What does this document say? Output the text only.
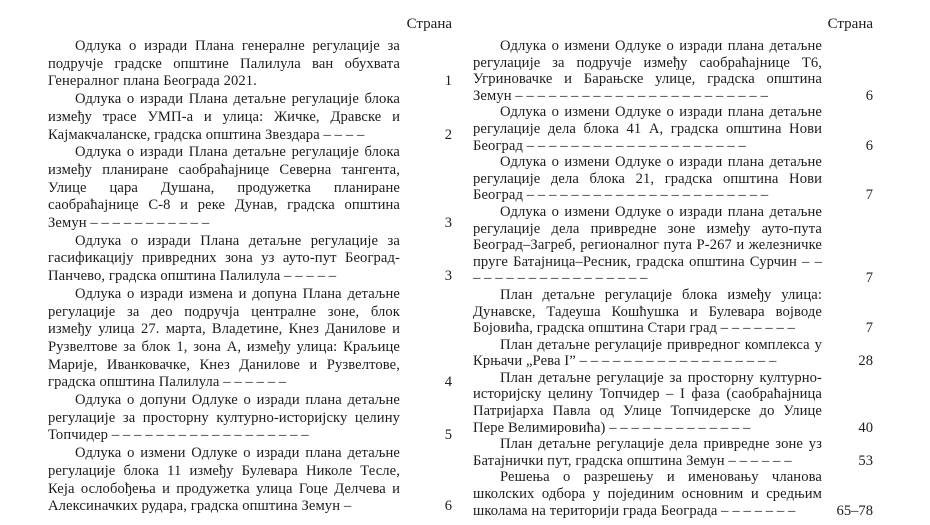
Страна
Одлука о изради Плана генералне регулације за подручје градске општине Палилула ван обухвата Генералног плана Београда 2021.	1
Одлука о изради Плана детаљне регулације блока између трасе УМП-а и улица: Жичке, Дравске и Кајмакчаланске, градска општина Звездара – – – –	2
Одлука о изради Плана детаљне регулације блока између планиране саобраћајнице Северна тангента, Улице цара Душана, продужетка планиране саобраћајнице С-8 и реке Дунав, градска општина Земун – – – – – – – – – – –	3
Одлука о изради Плана детаљне регулације за гасификацију привредних зона уз ауто-пут Београд-Панчево, градска општина Палилула – – – – –	3
Одлука о изради измена и допуна Плана детаљне регулације за део подручја централне зоне, блок између улица 27. марта, Владетине, Кнез Данилове и Рузвелтове за блок 1, зона А, између улица: Краљице Марије, Иванковачке, Кнез Данилове и Рузвелтове, градска општина Палилула – – – – – –	4
Одлука о допуни Одлуке о изради плана детаљне регулације за просторну културно-историјску целину Топчидер – – – – – – – – – – – – – – – – – –	5
Одлука о измени Одлуке о изради плана детаљне регулације блока 11 између Булевара Николе Тесле, Кеја ослобођења и продужетка улица Гоце Делчева и Алексиначких рудара, градска општина Земун –	6
Страна
Одлука о измени Одлуке о изради плана детаљне регулације за подручје између саобраћајнице Т6, Угриновачке и Барањске улице, градска општина Земун – – – – – – – – – – – – – – – – – – – – – – –	6
Одлука о измени Одлуке о изради плана детаљне регулације дела блока 41 А, градска општина Нови Београд – – – – – – – – – – – – – – – – – – – –	6
Одлука о измени Одлуке о изради плана детаљне регулације дела блока 21, градска општина Нови Београд – – – – – – – – – – – – – – – – – – – – – –	7
Одлука о измени Одлуке о изради плана детаљне регулације дела привредне зоне између ауто-пута Београд–Загреб, регионалног пута Р-267 и железничке пруге Батајница–Ресник, градска општина Сурчин – – – – – – – – – – – – – – – – – –	7
План детаљне регулације блока између улица: Дунавске, Тадеуша Кошћушка и Булевара војводе Бојовића, градска општина Стари град – – – – – – –	7
План детаљне регулације привредног комплекса у Крњачи „Рева I” – – – – – – – – – – – – – – – – – –	28
План детаљне регулације за просторну културно-историјску целину Топчидер – I фаза (саобраћајница Патријарха Павла од Улице Топчидерске до Улице Пере Велимировића) – – – – – – – – – – – – –	40
План детаљне регулације дела привредне зоне уз Батајнички пут, градска општина Земун – – – – – –	53
Решења о разрешењу и именовању чланова школских одбора у појединим основним и средњим школама на територији града Београда – – – – – – –	65–78
